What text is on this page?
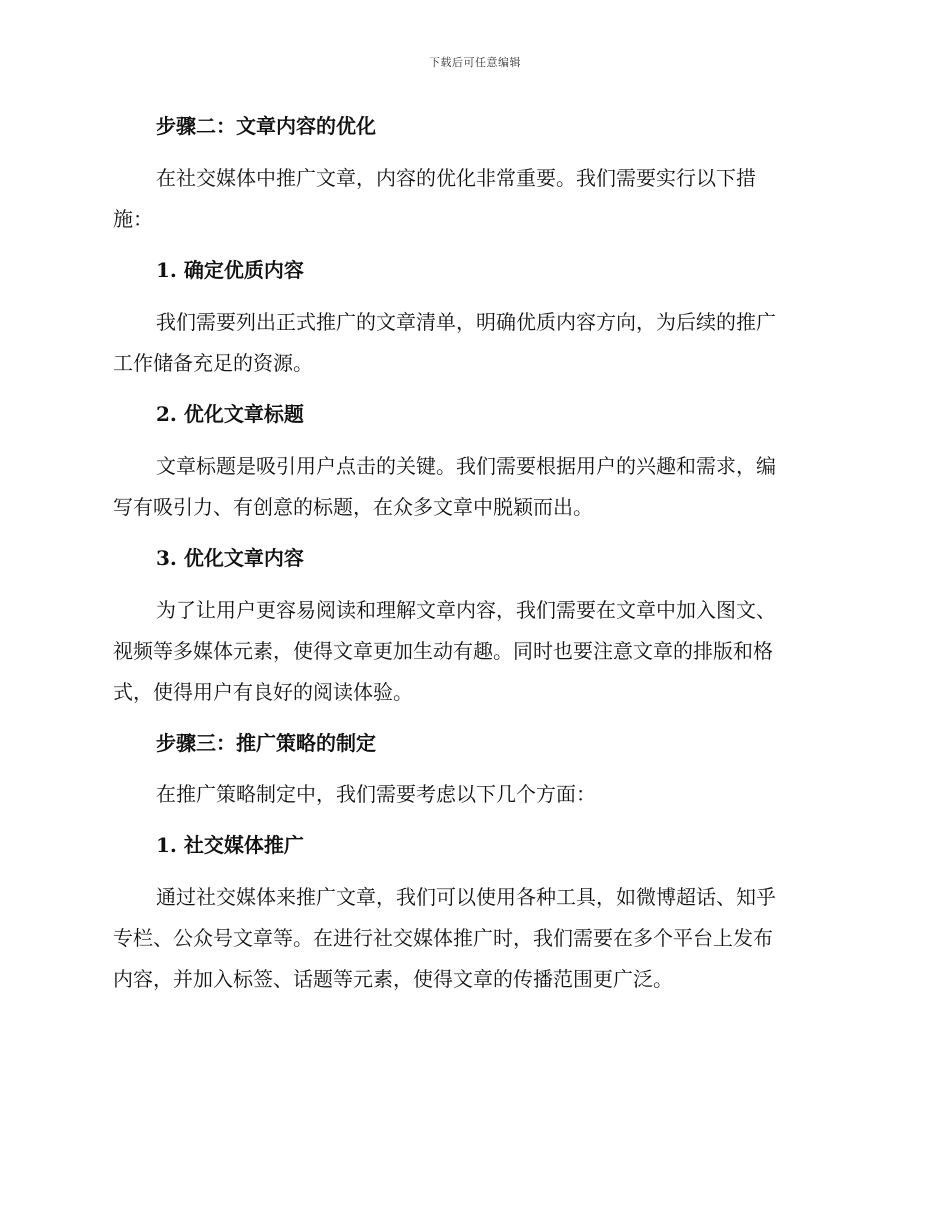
下载后可任意编辑

步骤二：文章内容的优化

在社交媒体中推广文章，内容的优化非常重要。我们需要实行以下措
施：

1. 确定优质内容

我们需要列出正式推广的文章清单，明确优质内容方向，为后续的推广
工作储备充足的资源。

2. 优化文章标题

文章标题是吸引用户点击的关键。我们需要根据用户的兴趣和需求，编
写有吸引力、有创意的标题，在众多文章中脱颖而出。

3. 优化文章内容

为了让用户更容易阅读和理解文章内容，我们需要在文章中加入图文、
视频等多媒体元素，使得文章更加生动有趣。同时也要注意文章的排版和格
式，使得用户有良好的阅读体验。

步骤三：推广策略的制定

在推广策略制定中，我们需要考虑以下几个方面：

1. 社交媒体推广

通过社交媒体来推广文章，我们可以使用各种工具，如微博超话、知乎
专栏、公众号文章等。在进行社交媒体推广时，我们需要在多个平台上发布
内容，并加入标签、话题等元素，使得文章的传播范围更广泛。
